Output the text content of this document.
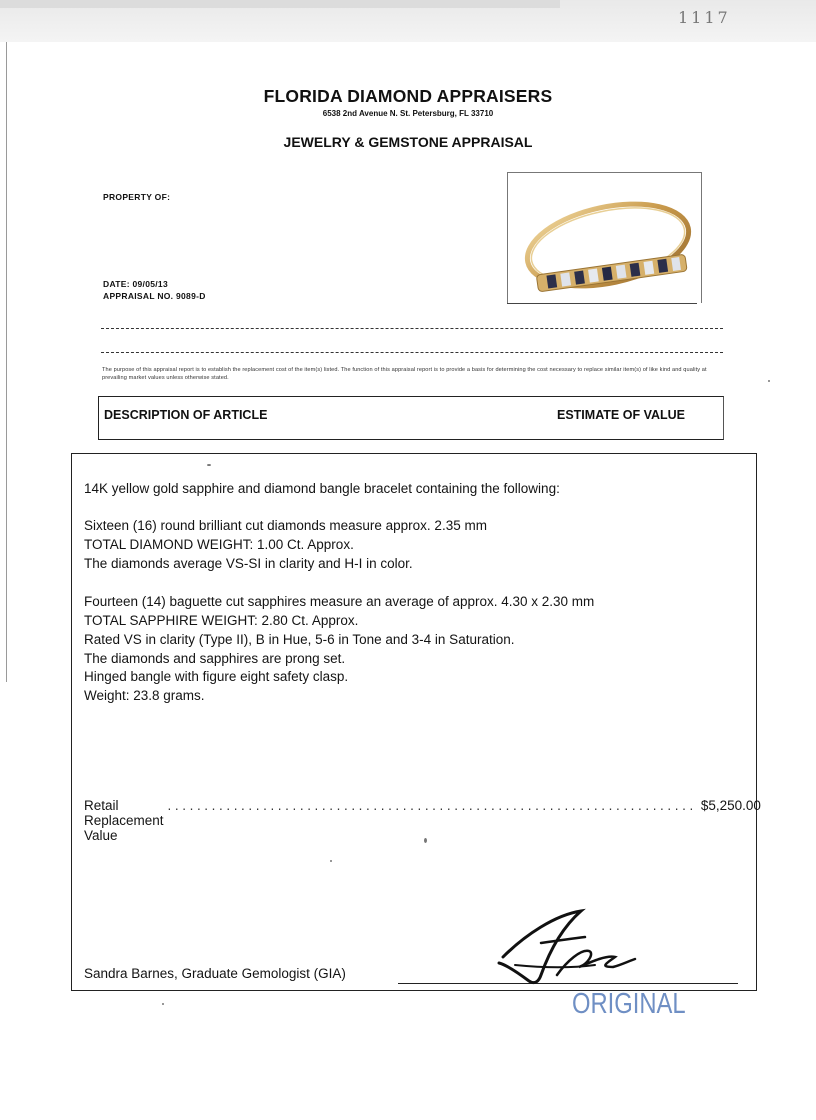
1117
FLORIDA DIAMOND APPRAISERS
6538 2nd Avenue N. St. Petersburg, FL 33710
JEWELRY & GEMSTONE APPRAISAL
PROPERTY OF:
DATE: 09/05/13
APPRAISAL NO. 9089-D
The purpose of this appraisal report is to establish the replacement cost of the item(s) listed. The function of this appraisal report is to provide a basis for determining the cost necessary to replace similar item(s) of like kind and quality at prevailing market values unless otherwise stated.
DESCRIPTION OF ARTICLE	ESTIMATE OF VALUE
14K yellow gold sapphire and diamond bangle bracelet containing the following:
Sixteen (16) round brilliant cut diamonds measure approx. 2.35 mm
TOTAL DIAMOND WEIGHT: 1.00 Ct. Approx.
The diamonds average VS-SI in clarity and H-I in color.
Fourteen (14) baguette cut sapphires measure an average of approx. 4.30 x 2.30 mm
TOTAL SAPPHIRE WEIGHT: 2.80 Ct. Approx.
Rated VS in clarity (Type II), B in Hue, 5-6 in Tone and 3-4 in Saturation.
The diamonds and sapphires are prong set.
Hinged bangle with figure eight safety clasp.
Weight: 23.8 grams.
Retail Replacement Value
........................................................................ $5,250.00
Sandra Barnes, Graduate Gemologist (GIA)
ORIGINAL
